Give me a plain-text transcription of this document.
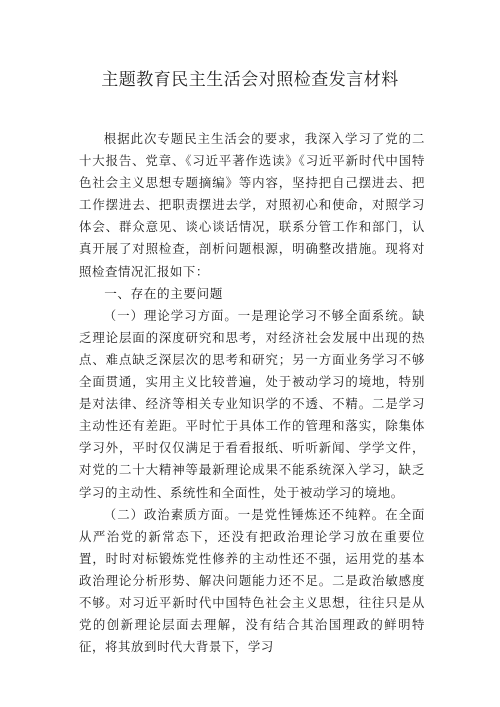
主题教育民主生活会对照检查发言材料

根据此次专题民主生活会的要求，我深入学习了党的二十大报告、党章、《习近平著作选读》《习近平新时代中国特色社会主义思想专题摘编》等内容，坚持把自己摆进去、把工作摆进去、把职责摆进去学，对照初心和使命，对照学习体会、群众意见、谈心谈话情况，联系分管工作和部门，认真开展了对照检查，剖析问题根源，明确整改措施。现将对照检查情况汇报如下：

一、存在的主要问题

（一）理论学习方面。一是理论学习不够全面系统。缺乏理论层面的深度研究和思考，对经济社会发展中出现的热点、难点缺乏深层次的思考和研究；另一方面业务学习不够全面贯通，实用主义比较普遍，处于被动学习的境地，特别是对法律、经济等相关专业知识学的不透、不精。二是学习主动性还有差距。平时忙于具体工作的管理和落实，除集体学习外，平时仅仅满足于看看报纸、听听新闻、学学文件，对党的二十大精神等最新理论成果不能系统深入学习，缺乏学习的主动性、系统性和全面性，处于被动学习的境地。

（二）政治素质方面。一是党性锤炼还不纯粹。在全面从严治党的新常态下，还没有把政治理论学习放在重要位置，时时对标锻炼党性修养的主动性还不强，运用党的基本政治理论分析形势、解决问题能力还不足。二是政治敏感度不够。对习近平新时代中国特色社会主义思想，往往只是从党的创新理论层面去理解，没有结合其治国理政的鲜明特征，将其放到时代大背景下，学习
